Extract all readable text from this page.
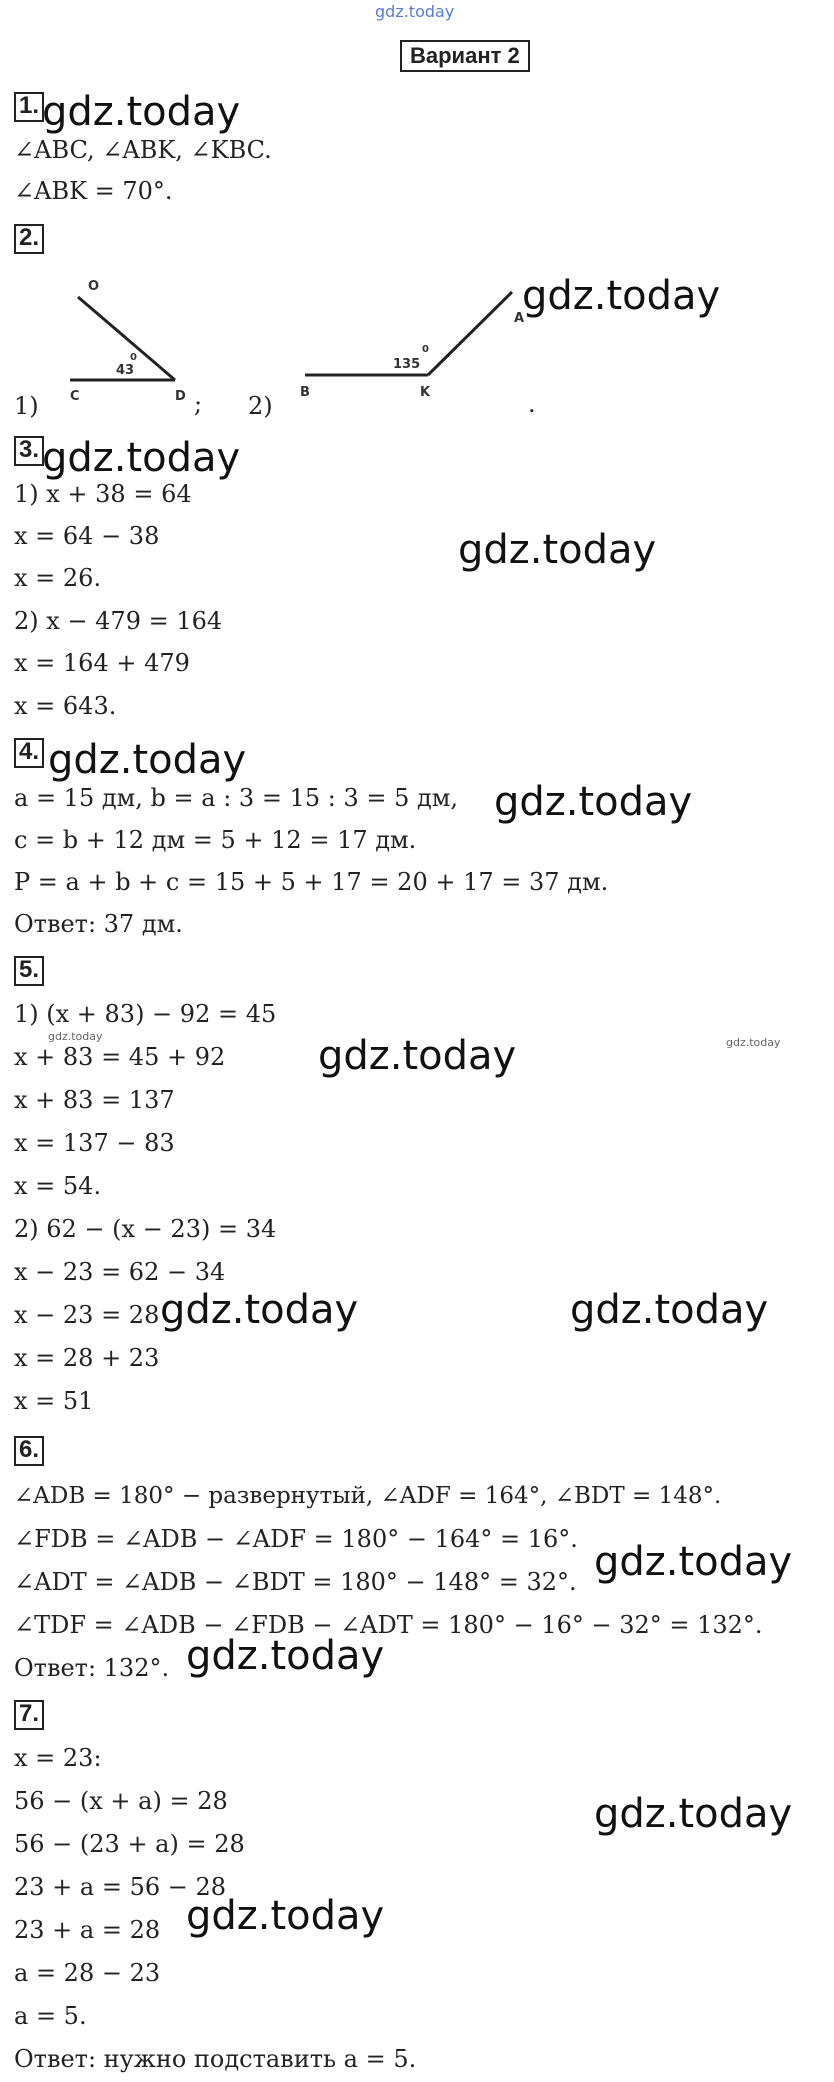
gdz.today
Вариант 2
1.
∠ABC, ∠ABK, ∠KBC.
∠ABK = 70°.
2.
O
C	D
43
0
A
B	K
135
0
1)	; 2)	.
3.
1) x + 38 = 64
x = 64 − 38
x = 26.
2) x − 479 = 164
x = 164 + 479
x = 643.
4.
a = 15 дм, b = a : 3 = 15 : 3 = 5 дм,
c = b + 12 дм = 5 + 12 = 17 дм.
P = a + b + c = 15 + 5 + 17 = 20 + 17 = 37 дм.
Ответ: 37 дм.
5.
1) (x + 83) − 92 = 45
x + 83 = 45 + 92
x + 83 = 137
x = 137 − 83
x = 54.
2) 62 − (x − 23) = 34
x − 23 = 62 − 34
x − 23 = 28
x = 28 + 23
x = 51
6.
∠ADB = 180° − развернутый, ∠ADF = 164°, ∠BDT = 148°.
∠FDB = ∠ADB − ∠ADF = 180° − 164° = 16°.
∠ADT = ∠ADB − ∠BDT = 180° − 148° = 32°.
∠TDF = ∠ADB − ∠FDB − ∠ADT = 180° − 16° − 32° = 132°.
Ответ: 132°.
7.
x = 23:
56 − (x + a) = 28
56 − (23 + a) = 28
23 + a = 56 − 28
23 + a = 28
a = 28 − 23
a = 5.
Ответ: нужно подставить a = 5.
gdz.today
gdz.today
gdz.today
gdz.today
gdz.today
gdz.today
gdz.today
gdz.today	gdz.today
gdz.today	gdz.today
gdz.today
gdz.today
gdz.today
gdz.today
